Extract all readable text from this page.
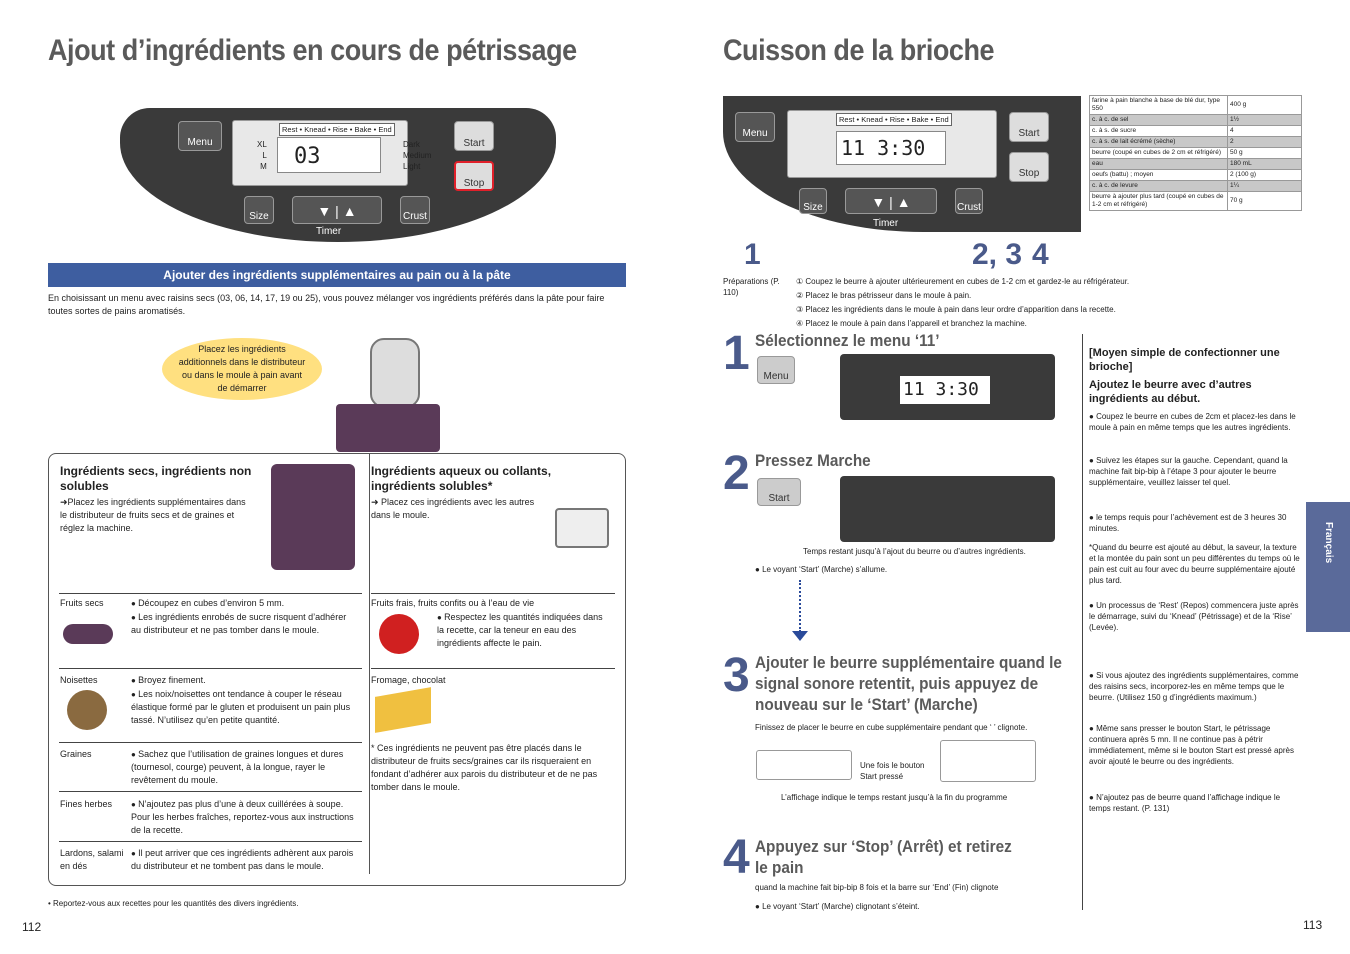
Ajout d’ingrédients en cours de pétrissage
Menu
Rest • Knead • Rise • Bake • End
XL
L
M	03	Dark
Medium
Light
Start
Stop
Size	▼ | ▲
Timer
Crust
Ajouter des ingrédients supplémentaires au pain ou à la pâte
En choisissant un menu avec raisins secs (03, 06, 14, 17, 19 ou 25), vous pouvez mélanger vos ingrédients préférés dans la pâte pour faire toutes sortes de pains aromatisés.
Placez les ingrédients additionnels dans le distributeur ou dans le moule à pain avant de démarrer
Ingrédients secs, ingrédients non solubles
➜Placez les ingrédients supplémentaires dans le distributeur de fruits secs et de graines et réglez la machine.
Ingrédients aqueux ou collants, ingrédients solubles*
➜ Placez ces ingrédients avec les autres dans le moule.
Fruits secs	● Découpez en cubes d’environ 5 mm.
● Les ingrédients enrobés de sucre risquent d’adhérer au distributeur et ne pas tomber dans le moule.
Noisettes	● Broyez finement.
● Les noix/noisettes ont tendance à couper le réseau élastique formé par le gluten et produisent un pain plus tassé. N’utilisez qu’en petite quantité.
Graines	● Sachez que l’utilisation de graines longues et dures (tournesol, courge) peuvent, à la longue, rayer le revêtement du moule.
Fines herbes	● N’ajoutez pas plus d’une à deux cuillérées à soupe. Pour les herbes fraîches, reportez-vous aux instructions de la recette.
Lardons, salami en dés
● Il peut arriver que ces ingrédients adhèrent aux parois du distributeur et ne tombent pas dans le moule.
Fruits frais, fruits confits ou à l’eau de vie
● Respectez les quantités indiquées dans la recette, car la teneur en eau des ingrédients affecte le pain.
Fromage, chocolat
* Ces ingrédients ne peuvent pas être placés dans le distributeur de fruits secs/graines car ils risqueraient en fondant d’adhérer aux parois du distributeur et de ne pas tomber dans le moule.
• Reportez-vous aux recettes pour les quantités des divers ingrédients.
112
Cuisson de la brioche
Menu
Rest • Knead • Rise • Bake • End
11 3:30
Start
Stop
Size	▼ | ▲	Crust
Timer
1	2, 3 4
farine à pain blanche à base de blé dur, type 550	400 g
c. à c. de sel	1½
c. à s. de sucre	4
c. à s. de lait écrémé (sèche)	2
beurre (coupé en cubes de 2 cm et réfrigéré)	50 g
eau	180 mL
oeufs (battu) ; moyen	2 (100 g)
c. à c. de levure	1¼
beurre à ajouter plus tard (coupé en cubes de 1-2 cm et réfrigéré)	70 g
Préparations (P. 110)
① Coupez le beurre à ajouter ultérieurement en cubes de 1-2 cm et gardez-le au réfrigérateur.
② Placez le bras pétrisseur dans le moule à pain.
③ Placez les ingrédients dans le moule à pain dans leur ordre d’apparition dans la recette.
④ Placez le moule à pain dans l’appareil et branchez la machine.
1 Sélectionnez le menu ‘11’
Menu
11 3:30
2 Pressez Marche
Start
Temps restant jusqu’à l’ajout du beurre ou d’autres ingrédients.
● Le voyant ‘Start’ (Marche) s’allume.
3 Ajouter le beurre supplémentaire quand le signal sonore retentit, puis appuyez de nouveau sur le ‘Start’ (Marche)
Finissez de placer le beurre en cube supplémentaire pendant que ‘ ’ clignote.
Une fois le bouton Start pressé
L’affichage indique le temps restant jusqu’à la fin du programme
4 Appuyez sur ‘Stop’ (Arrêt) et retirez le pain
quand la machine fait bip-bip 8 fois et la barre sur ‘End’ (Fin) clignote
● Le voyant ‘Start’ (Marche) clignotant s’éteint.
[Moyen simple de confectionner une brioche]
Ajoutez le beurre avec d’autres ingrédients au début.
● Coupez le beurre en cubes de 2cm et placez-les dans le moule à pain en même temps que les autres ingrédients.
● Suivez les étapes sur la gauche. Cependant, quand la machine fait bip-bip à l’étape 3 pour ajouter le beurre supplémentaire, veuillez laisser tel quel.
● le temps requis pour l’achèvement est de 3 heures 30 minutes.
*Quand du beurre est ajouté au début, la saveur, la texture et la montée du pain sont un peu différentes du temps où le pain est cuit au four avec du beurre supplémentaire ajouté plus tard.
● Un processus de ‘Rest’ (Repos) commencera juste après le démarrage, suivi du ‘Knead’ (Pétrissage) et de la ‘Rise’ (Levée).
● Si vous ajoutez des ingrédients supplémentaires, comme des raisins secs, incorporez-les en même temps que le beurre. (Utilisez 150 g d’ingrédients maximum.)
● Même sans presser le bouton Start, le pétrissage continuera après 5 mn. Il ne continue pas à pétrir immédiatement, même si le bouton Start est pressé après avoir ajouté le beurre ou des ingrédients.
● N’ajoutez pas de beurre quand l’affichage indique le temps restant. (P. 131)
Français
113
